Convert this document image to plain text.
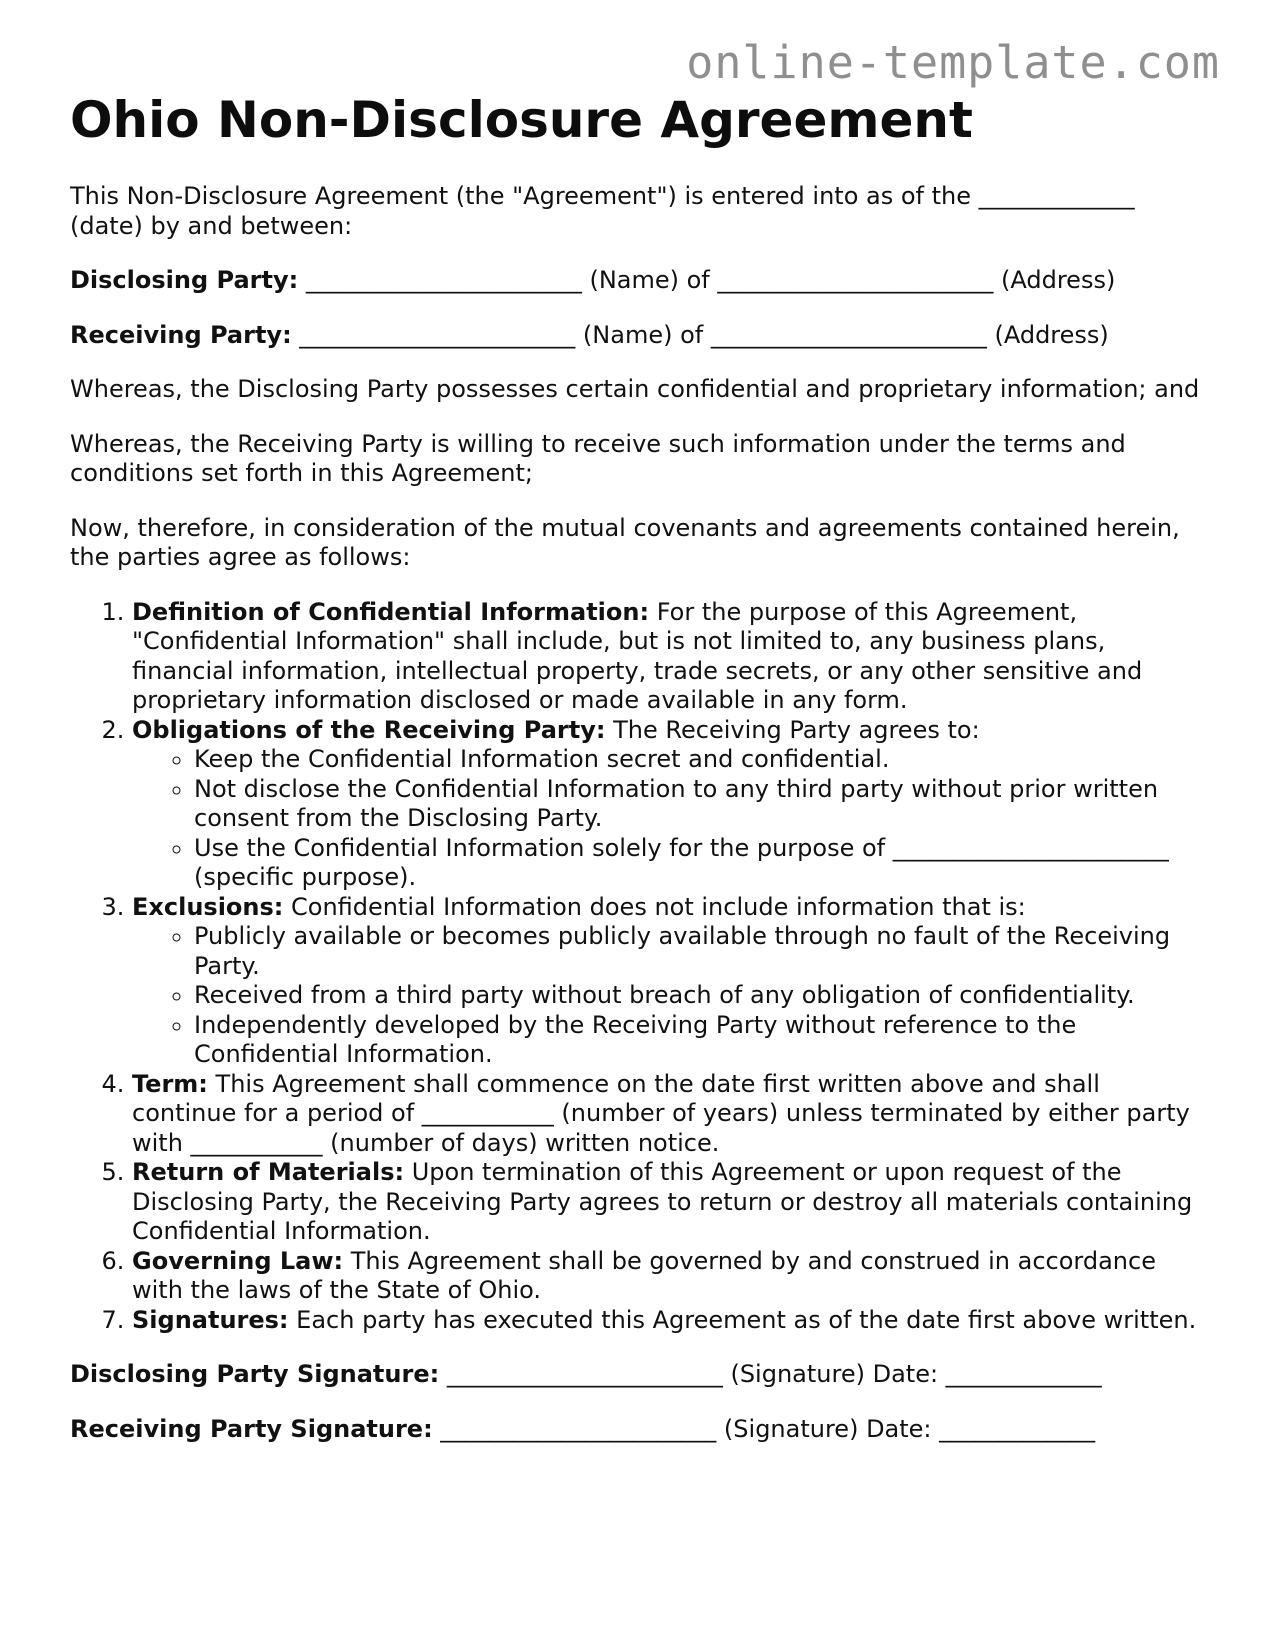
online-template.com
Ohio Non-Disclosure Agreement

This Non-Disclosure Agreement (the "Agreement") is entered into as of the _____________ (date) by and between:

Disclosing Party: _______________________ (Name) of _______________________ (Address)

Receiving Party: _______________________ (Name) of _______________________ (Address)

Whereas, the Disclosing Party possesses certain confidential and proprietary information; and

Whereas, the Receiving Party is willing to receive such information under the terms and conditions set forth in this Agreement;

Now, therefore, in consideration of the mutual covenants and agreements contained herein, the parties agree as follows:

1. Definition of Confidential Information: For the purpose of this Agreement, "Confidential Information" shall include, but is not limited to, any business plans, financial information, intellectual property, trade secrets, or any other sensitive and proprietary information disclosed or made available in any form.
2. Obligations of the Receiving Party: The Receiving Party agrees to:
◦ Keep the Confidential Information secret and confidential.
◦ Not disclose the Confidential Information to any third party without prior written consent from the Disclosing Party.
◦ Use the Confidential Information solely for the purpose of _______________________ (specific purpose).
3. Exclusions: Confidential Information does not include information that is:
◦ Publicly available or becomes publicly available through no fault of the Receiving Party.
◦ Received from a third party without breach of any obligation of confidentiality.
◦ Independently developed by the Receiving Party without reference to the Confidential Information.
4. Term: This Agreement shall commence on the date first written above and shall continue for a period of ___________ (number of years) unless terminated by either party with ___________ (number of days) written notice.
5. Return of Materials: Upon termination of this Agreement or upon request of the Disclosing Party, the Receiving Party agrees to return or destroy all materials containing Confidential Information.
6. Governing Law: This Agreement shall be governed by and construed in accordance with the laws of the State of Ohio.
7. Signatures: Each party has executed this Agreement as of the date first above written.

Disclosing Party Signature: _______________________ (Signature) Date: _____________

Receiving Party Signature: _______________________ (Signature) Date: _____________
